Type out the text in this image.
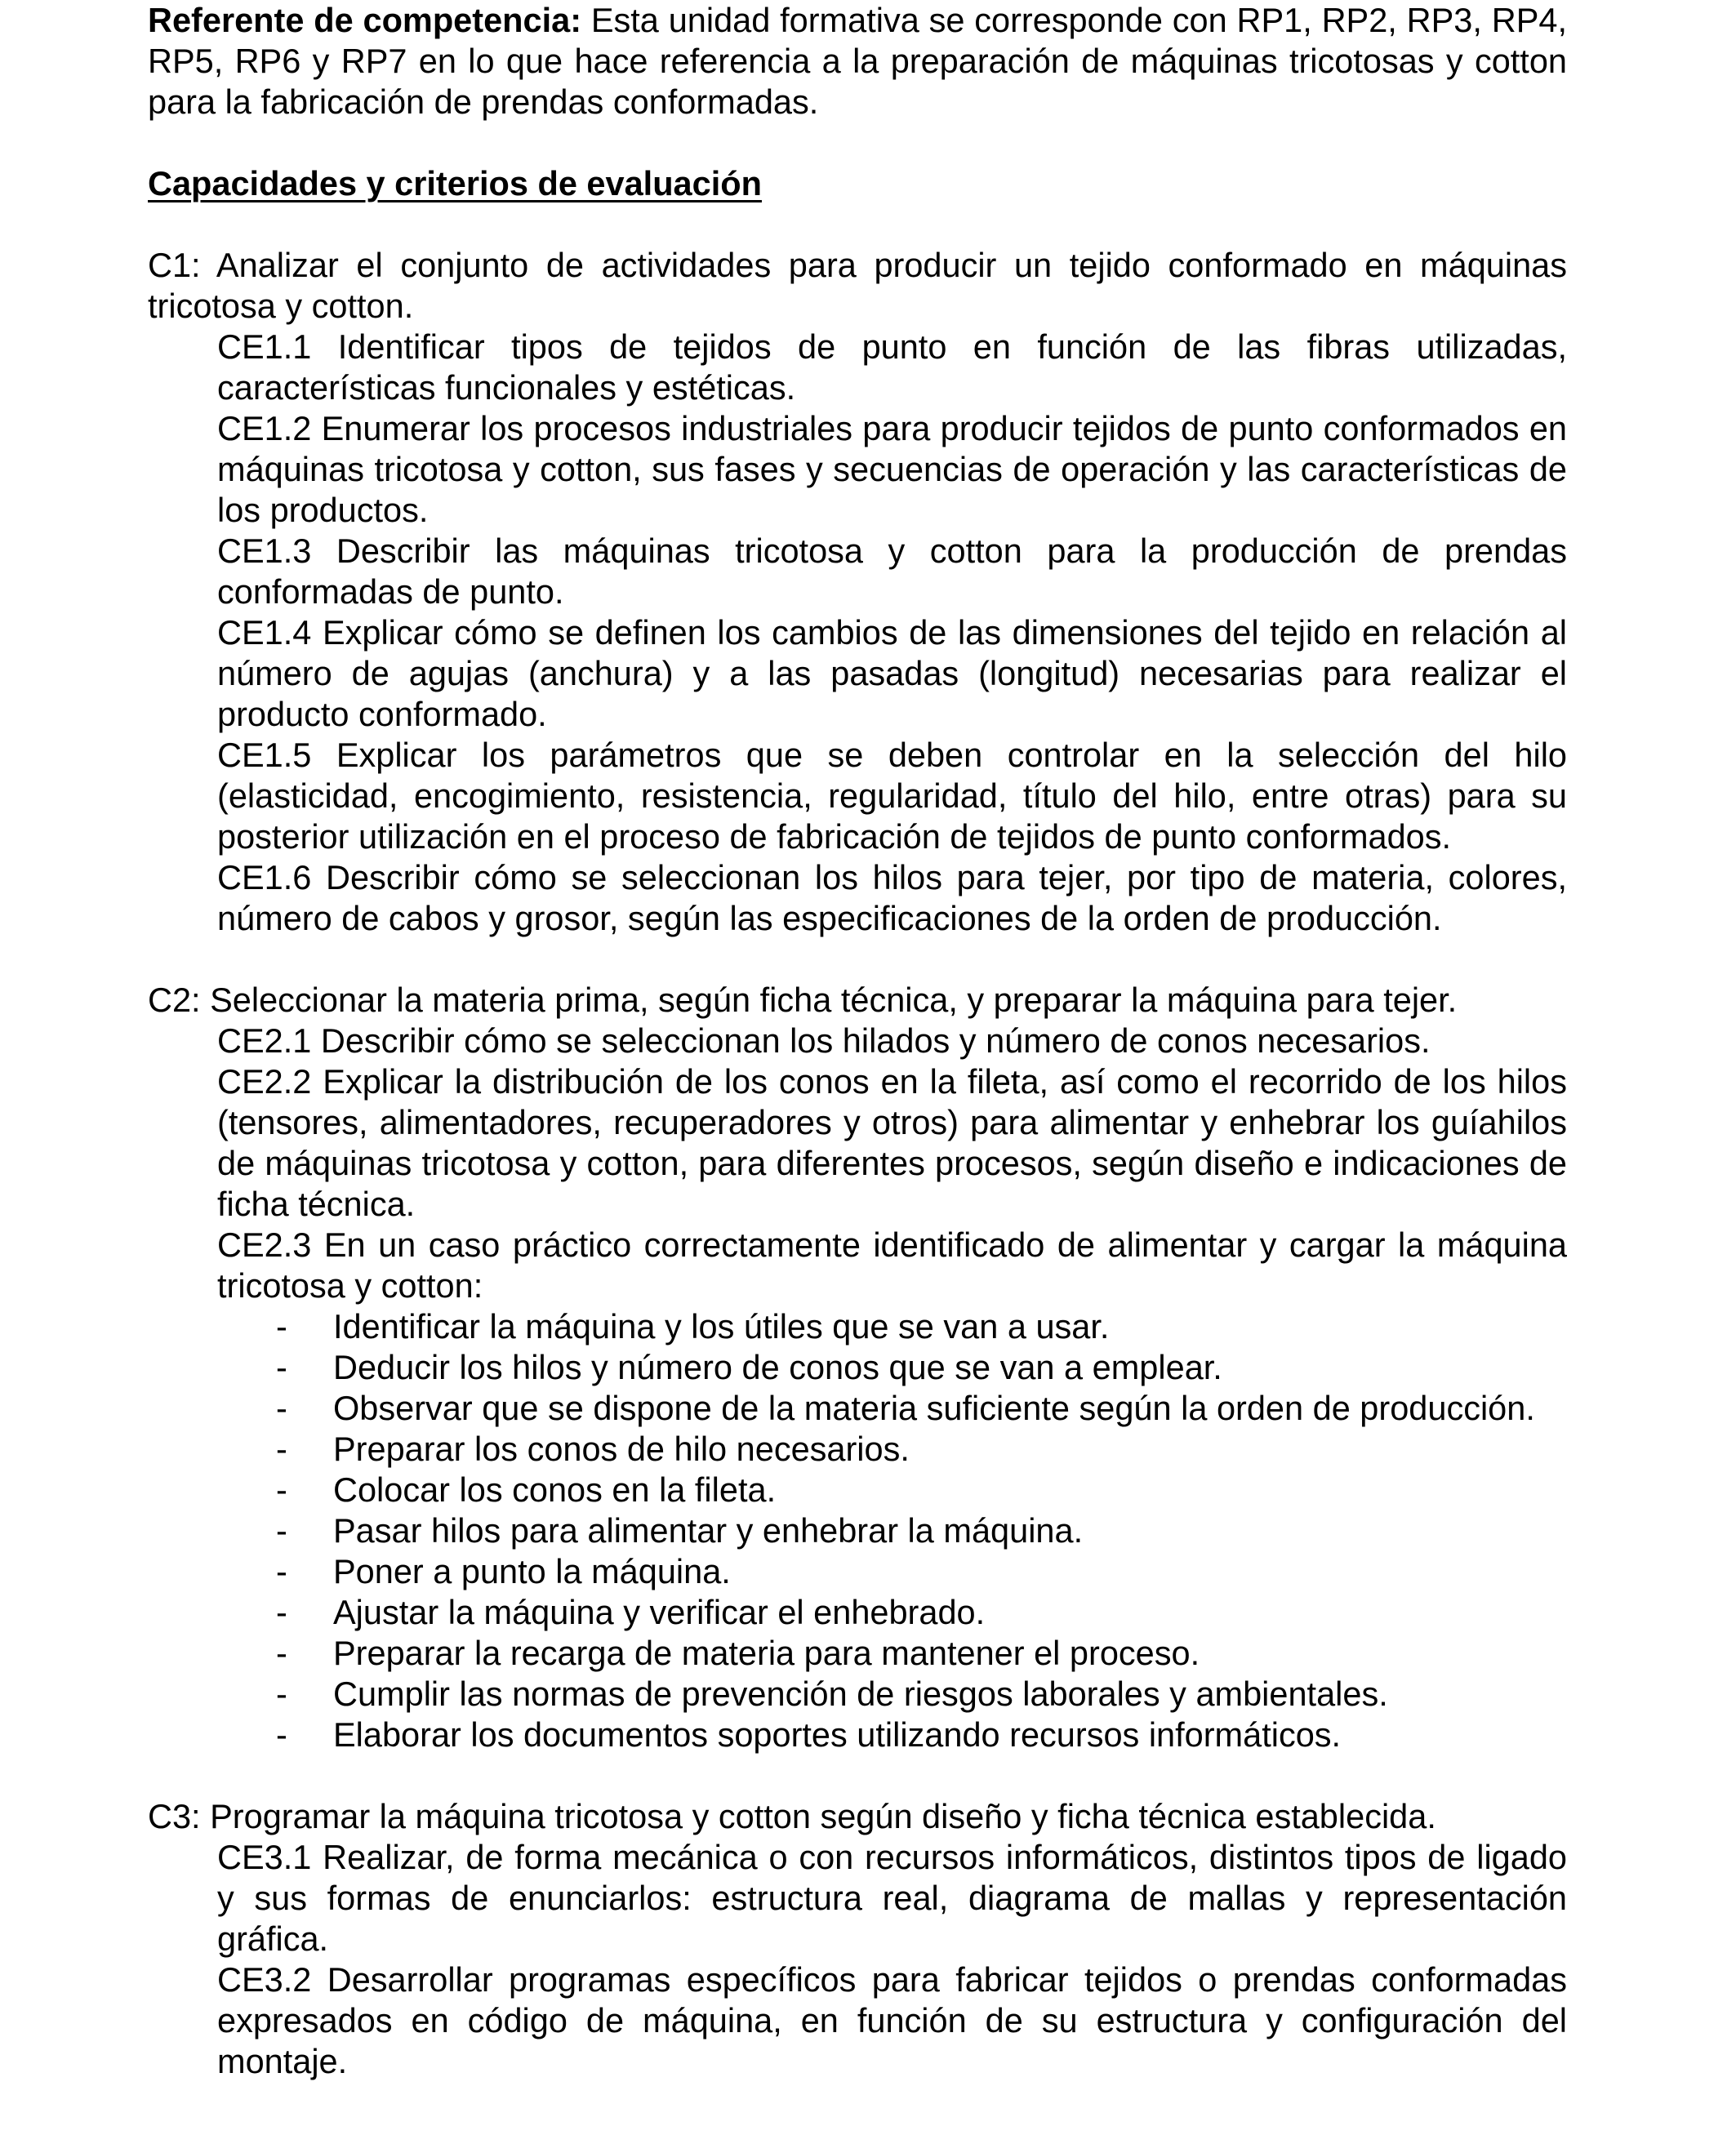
Referente de competencia: Esta unidad formativa se corresponde con RP1, RP2, RP3, RP4, RP5, RP6 y RP7 en lo que hace referencia a la preparación de máquinas tricotosas y cotton para la fabricación de prendas conformadas.

Capacidades y criterios de evaluación

C1: Analizar el conjunto de actividades para producir un tejido conformado en máquinas tricotosa y cotton.

CE1.1 Identificar tipos de tejidos de punto en función de las fibras utilizadas, características funcionales y estéticas.

CE1.2 Enumerar los procesos industriales para producir tejidos de punto conformados en máquinas tricotosa y cotton, sus fases y secuencias de operación y las características de los productos.

CE1.3 Describir las máquinas tricotosa y cotton para la producción de prendas conformadas de punto.

CE1.4 Explicar cómo se definen los cambios de las dimensiones del tejido en relación al número de agujas (anchura) y a las pasadas (longitud) necesarias para realizar el producto conformado.

CE1.5 Explicar los parámetros que se deben controlar en la selección del hilo (elasticidad, encogimiento, resistencia, regularidad, título del hilo, entre otras) para su posterior utilización en el proceso de fabricación de tejidos de punto conformados.

CE1.6 Describir cómo se seleccionan los hilos para tejer, por tipo de materia, colores, número de cabos y grosor, según las especificaciones de la orden de producción.

C2: Seleccionar la materia prima, según ficha técnica, y preparar la máquina para tejer.

CE2.1 Describir cómo se seleccionan los hilados y número de conos necesarios.

CE2.2 Explicar la distribución de los conos en la fileta, así como el recorrido de los hilos (tensores, alimentadores, recuperadores y otros) para alimentar y enhebrar los guíahilos de máquinas tricotosa y cotton, para diferentes procesos, según diseño e indicaciones de ficha técnica.

CE2.3 En un caso práctico correctamente identificado de alimentar y cargar la máquina tricotosa y cotton:

- Identificar la máquina y los útiles que se van a usar.
- Deducir los hilos y número de conos que se van a emplear.
- Observar que se dispone de la materia suficiente según la orden de producción.
- Preparar los conos de hilo necesarios.
- Colocar los conos en la fileta.
- Pasar hilos para alimentar y enhebrar la máquina.
- Poner a punto la máquina.
- Ajustar la máquina y verificar el enhebrado.
- Preparar la recarga de materia para mantener el proceso.
- Cumplir las normas de prevención de riesgos laborales y ambientales.
- Elaborar los documentos soportes utilizando recursos informáticos.

C3: Programar la máquina tricotosa y cotton según diseño y ficha técnica establecida.

CE3.1 Realizar, de forma mecánica o con recursos informáticos, distintos tipos de ligado y sus formas de enunciarlos: estructura real, diagrama de mallas y representación gráfica.

CE3.2 Desarrollar programas específicos para fabricar tejidos o prendas conformadas expresados en código de máquina, en función de su estructura y configuración del montaje.
